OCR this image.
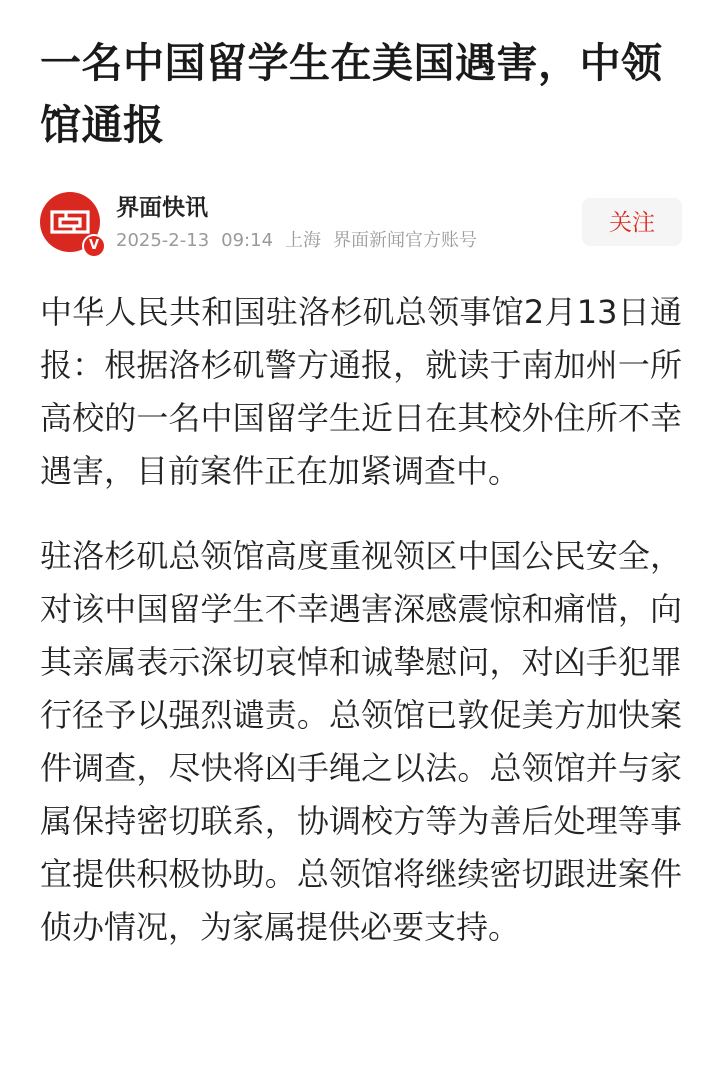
一名中国留学生在美国遇害，中领馆通报
V
界面快讯
2025-2-13 09:14 上海 界面新闻官方账号
关注

中华人民共和国驻洛杉矶总领事馆2月13日通报：根据洛杉矶警方通报，就读于南加州一所高校的一名中国留学生近日在其校外住所不幸遇害，目前案件正在加紧调查中。

驻洛杉矶总领馆高度重视领区中国公民安全，对该中国留学生不幸遇害深感震惊和痛惜，向其亲属表示深切哀悼和诚挚慰问，对凶手犯罪行径予以强烈谴责。总领馆已敦促美方加快案件调查，尽快将凶手绳之以法。总领馆并与家属保持密切联系，协调校方等为善后处理等事宜提供积极协助。总领馆将继续密切跟进案件侦办情况，为家属提供必要支持。
